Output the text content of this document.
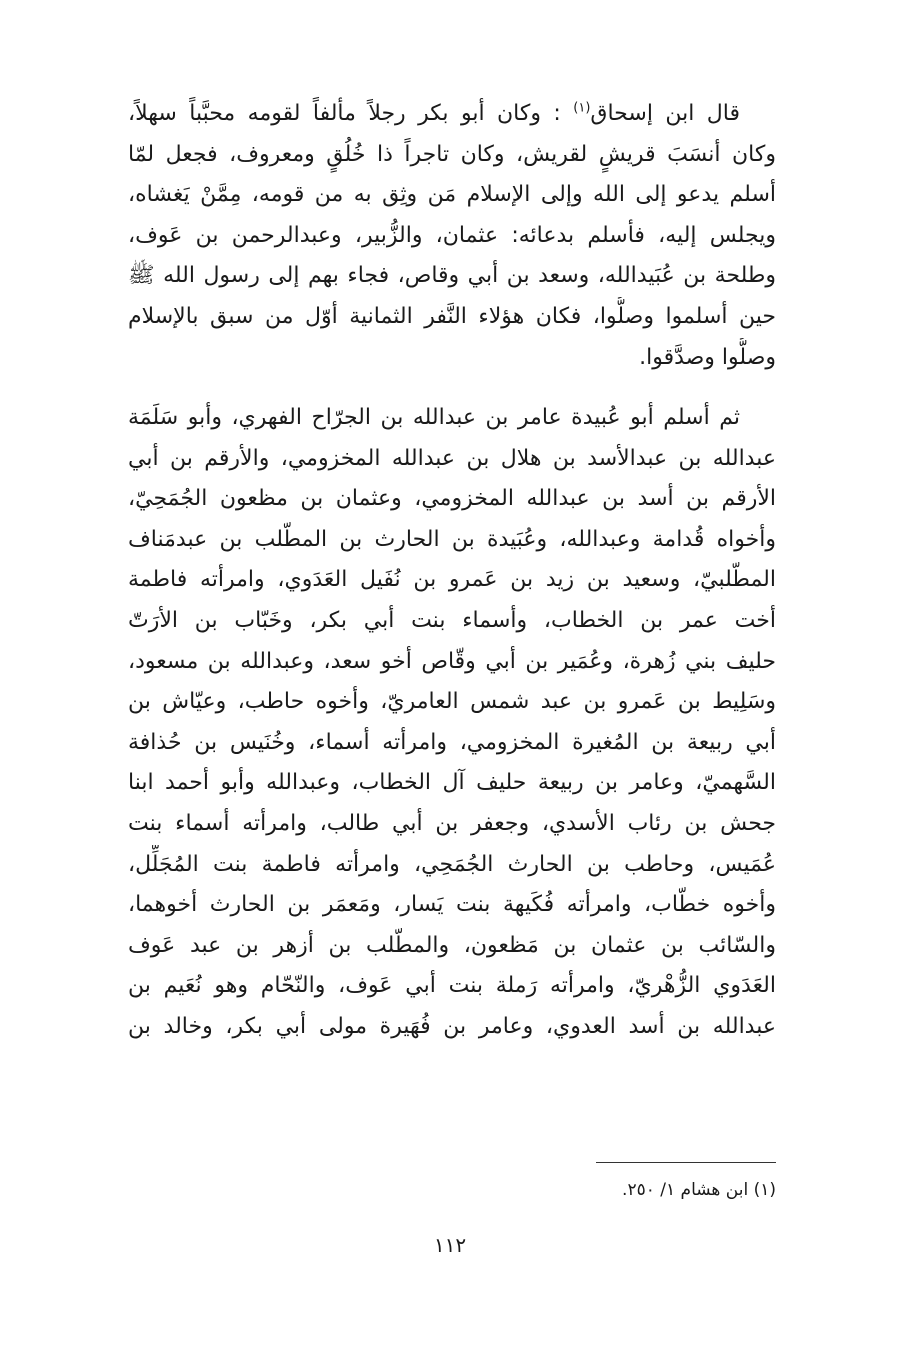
قال ابن إسحاق$^{(١)}$ : وكان أبو بكر رجلاً مألفاً لقومه محبَّباً سهلاً،
وكان أنسَبَ قريشٍ لقريش، وكان تاجراً ذا خُلُقٍ ومعروف، فجعل لمّا
أسلم يدعو إلى الله وإلى الإسلام مَن وثِق به من قومه، مِمَّنْ يَغشاه،
ويجلس إليه، فأسلم بدعائه: عثمان، والزُّبير، وعبدالرحمن بن عَوف،
وطلحة بن عُبَيدالله، وسعد بن أبي وقاص، فجاء بهم إلى رسول الله ﷺ
حين أسلموا وصلُّوا، فكان هؤلاء النَّفر الثمانية أوّل من سبق بالإسلام
وصلُّوا وصدَّقوا.
ثم أسلم أبو عُبيدة عامر بن عبدالله بن الجرّاح الفهري، وأبو سَلَمَة
عبدالله بن عبدالأسد بن هلال بن عبدالله المخزومي، والأرقم بن أبي
الأرقم بن أسد بن عبدالله المخزومي، وعثمان بن مظعون الجُمَحِيّ،
وأخواه قُدامة وعبدالله، وعُبَيدة بن الحارث بن المطّلب بن عبدمَناف
المطّلبيّ، وسعيد بن زيد بن عَمرو بن نُفَيل العَدَوي، وامرأته فاطمة
أخت عمر بن الخطاب، وأسماء بنت أبي بكر، وخَبّاب بن الأرَتّ
حليف بني زُهرة، وعُمَير بن أبي وقّاص أخو سعد، وعبدالله بن مسعود،
وسَلِيط بن عَمرو بن عبد شمس العامريّ، وأخوه حاطب، وعيّاش بن
أبي ربيعة بن المُغيرة المخزومي، وامرأته أسماء، وخُنَيس بن حُذافة
السَّهميّ، وعامر بن ربيعة حليف آل الخطاب، وعبدالله وأبو أحمد ابنا
جحش بن رئاب الأسدي، وجعفر بن أبي طالب، وامرأته أسماء بنت
عُمَيس، وحاطب بن الحارث الجُمَحِي، وامرأته فاطمة بنت المُجَلِّل،
وأخوه خطّاب، وامرأته فُكَيهة بنت يَسار، ومَعمَر بن الحارث أخوهما،
والسّائب بن عثمان بن مَظعون، والمطّلب بن أزهر بن عبد عَوف
العَدَوي الزُّهْريّ، وامرأته رَملة بنت أبي عَوف، والنّحّام وهو نُعَيم بن
عبدالله بن أسد العدوي، وعامر بن فُهَيرة مولى أبي بكر، وخالد بن
(١) ابن هشام ١/ ٢٥٠.
١١٢
